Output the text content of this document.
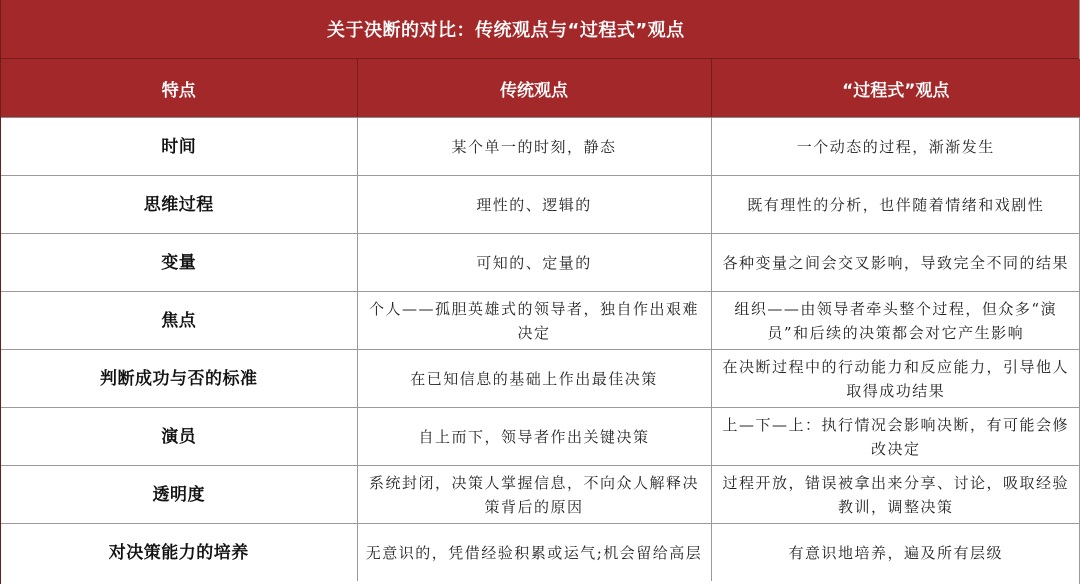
关于决断的对比：传统观点与“过程式”观点
特点	传统观点	“过程式”观点
时间	某个单一的时刻，静态	一个动态的过程，渐渐发生
思维过程	理性的、逻辑的	既有理性的分析，也伴随着情绪和戏剧性
变量	可知的、定量的	各种变量之间会交叉影响，导致完全不同的结果
焦点	个人——孤胆英雄式的领导者，独自作出艰难决定	组织——由领导者牵头整个过程，但众多“演员”和后续的决策都会对它产生影响
判断成功与否的标准	在已知信息的基础上作出最佳决策	在决断过程中的行动能力和反应能力，引导他人取得成功结果
演员	自上而下，领导者作出关键决策	上—下—上：执行情况会影响决断，有可能会修改决定
透明度	系统封闭，决策人掌握信息，不向众人解释决策背后的原因	过程开放，错误被拿出来分享、讨论，吸取经验教训，调整决策
对决策能力的培养	无意识的，凭借经验积累或运气;机会留给高层	有意识地培养，遍及所有层级
